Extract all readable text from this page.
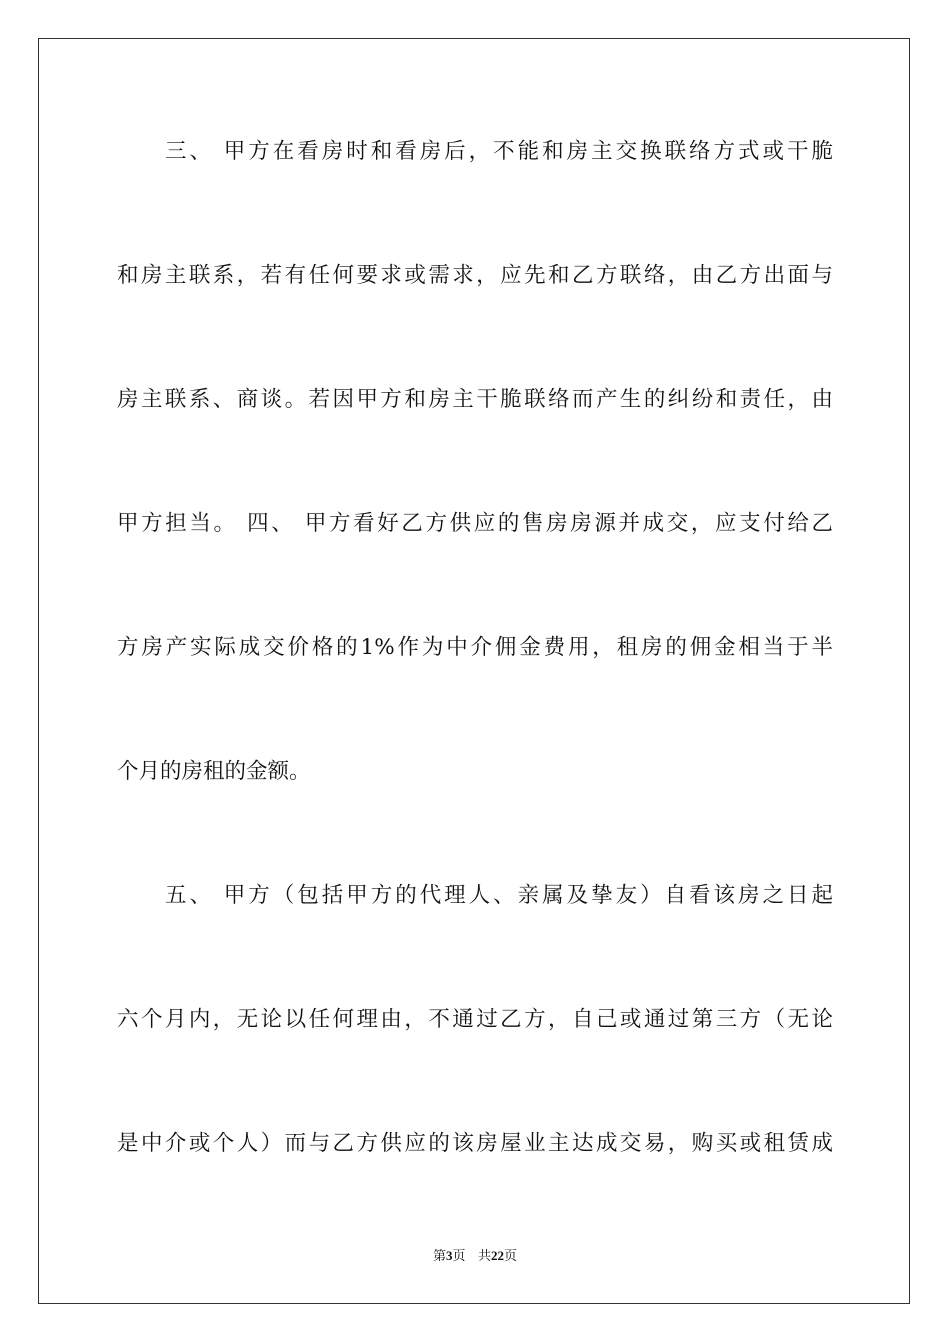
三、 甲方在看房时和看房后，不能和房主交换联络方式或干脆
和房主联系，若有任何要求或需求，应先和乙方联络，由乙方出面与
房主联系、商谈。若因甲方和房主干脆联络而产生的纠纷和责任，由
甲方担当。 四、 甲方看好乙方供应的售房房源并成交，应支付给乙
方房产实际成交价格的1%作为中介佣金费用，租房的佣金相当于半
个月的房租的金额。
五、 甲方（包括甲方的代理人、亲属及挚友）自看该房之日起
六个月内，无论以任何理由，不通过乙方，自己或通过第三方（无论
是中介或个人）而与乙方供应的该房屋业主达成交易，购买或租赁成
第3页 共22页
